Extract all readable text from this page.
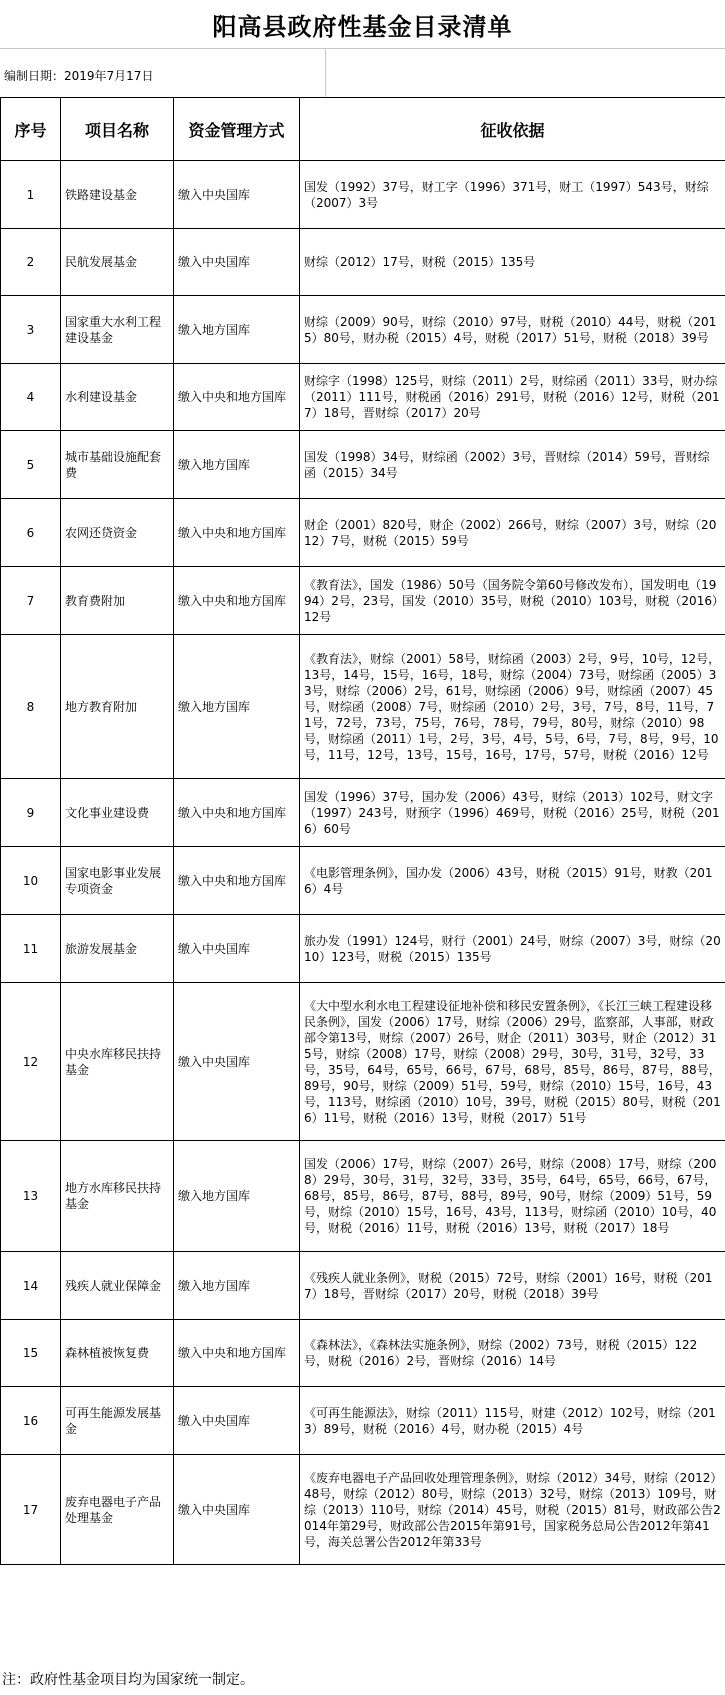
阳高县政府性基金目录清单
编制日期：2019年7月17日
序号	项目名称	资金管理方式	征收依据
1	铁路建设基金	缴入中央国库	国发（1992）37号，财工字（1996）371号，财工（1997）543号，财综（2007）3号
2	民航发展基金	缴入中央国库	财综（2012）17号，财税（2015）135号
3	国家重大水利工程建设基金	缴入地方国库	财综（2009）90号，财综（2010）97号，财税（2010）44号，财税（2015）80号，财办税（2015）4号，财税（2017）51号，财税（2018）39号
4	水利建设基金	缴入中央和地方国库	财综字（1998）125号，财综（2011）2号，财综函（2011）33号，财办综（2011）111号，财税函（2016）291号，财税（2016）12号，财税（2017）18号，晋财综（2017）20号
5	城市基础设施配套费	缴入地方国库	国发（1998）34号，财综函（2002）3号，晋财综（2014）59号，晋财综函（2015）34号
6	农网还贷资金	缴入中央和地方国库	财企（2001）820号，财企（2002）266号，财综（2007）3号，财综（2012）7号，财税（2015）59号
7	教育费附加	缴入中央和地方国库	《教育法》，国发（1986）50号（国务院令第60号修改发布），国发明电（1994）2号，23号，国发（2010）35号，财税（2010）103号，财税（2016）12号
8	地方教育附加	缴入地方国库	《教育法》，财综（2001）58号，财综函（2003）2号，9号，10号，12号，13号，14号，15号，16号，18号，财综（2004）73号，财综函（2005）33号，财综（2006）2号，61号，财综函（2006）9号，财综函（2007）45号，财综函（2008）7号，财综函（2010）2号，3号，7号，8号，11号，71号，72号，73号，75号，76号，78号，79号，80号，财综（2010）98号，财综函（2011）1号，2号，3号，4号，5号，6号，7号，8号，9号，10号，11号，12号，13号，15号，16号，17号，57号，财税（2016）12号
9	文化事业建设费	缴入中央和地方国库	国发（1996）37号，国办发（2006）43号，财综（2013）102号，财文字（1997）243号，财预字（1996）469号，财税（2016）25号，财税（2016）60号
10	国家电影事业发展专项资金	缴入中央和地方国库	《电影管理条例》，国办发（2006）43号，财税（2015）91号，财教（2016）4号
11	旅游发展基金	缴入中央国库	旅办发（1991）124号，财行（2001）24号，财综（2007）3号，财综（2010）123号，财税（2015）135号
12	中央水库移民扶持基金	缴入中央国库	《大中型水利水电工程建设征地补偿和移民安置条例》，《长江三峡工程建设移民条例》，国发（2006）17号，财综（2006）29号，监察部，人事部，财政部令第13号，财综（2007）26号，财企（2011）303号，财企（2012）315号，财综（2008）17号，财综（2008）29号，30号，31号，32号，33号，35号，64号，65号，66号，67号，68号，85号，86号，87号，88号，89号，90号，财综（2009）51号，59号，财综（2010）15号，16号，43号，113号，财综函（2010）10号，39号，财税（2015）80号，财税（2016）11号，财税（2016）13号，财税（2017）51号
13	地方水库移民扶持基金	缴入地方国库	国发（2006）17号，财综（2007）26号，财综（2008）17号，财综（2008）29号，30号，31号，32号，33号，35号，64号，65号，66号，67号，68号，85号，86号，87号，88号，89号，90号，财综（2009）51号，59号，财综（2010）15号，16号，43号，113号，财综函（2010）10号，40号，财税（2016）11号，财税（2016）13号，财税（2017）18号
14	残疾人就业保障金	缴入地方国库	《残疾人就业条例》，财税（2015）72号，财综（2001）16号，财税（2017）18号，晋财综（2017）20号，财税（2018）39号
15	森林植被恢复费	缴入中央和地方国库	《森林法》，《森林法实施条例》，财综（2002）73号，财税（2015）122号，财税（2016）2号，晋财综（2016）14号
16	可再生能源发展基金	缴入中央国库	《可再生能源法》，财综（2011）115号，财建（2012）102号，财综（2013）89号，财税（2016）4号，财办税（2015）4号
17	废弃电器电子产品处理基金	缴入中央国库	《废弃电器电子产品回收处理管理条例》，财综（2012）34号，财综（2012）48号，财综（2012）80号，财综（2013）32号，财综（2013）109号，财综（2013）110号，财综（2014）45号，财税（2015）81号，财政部公告2014年第29号，财政部公告2015年第91号，国家税务总局公告2012年第41号，海关总署公告2012年第33号
注：政府性基金项目均为国家统一制定。
